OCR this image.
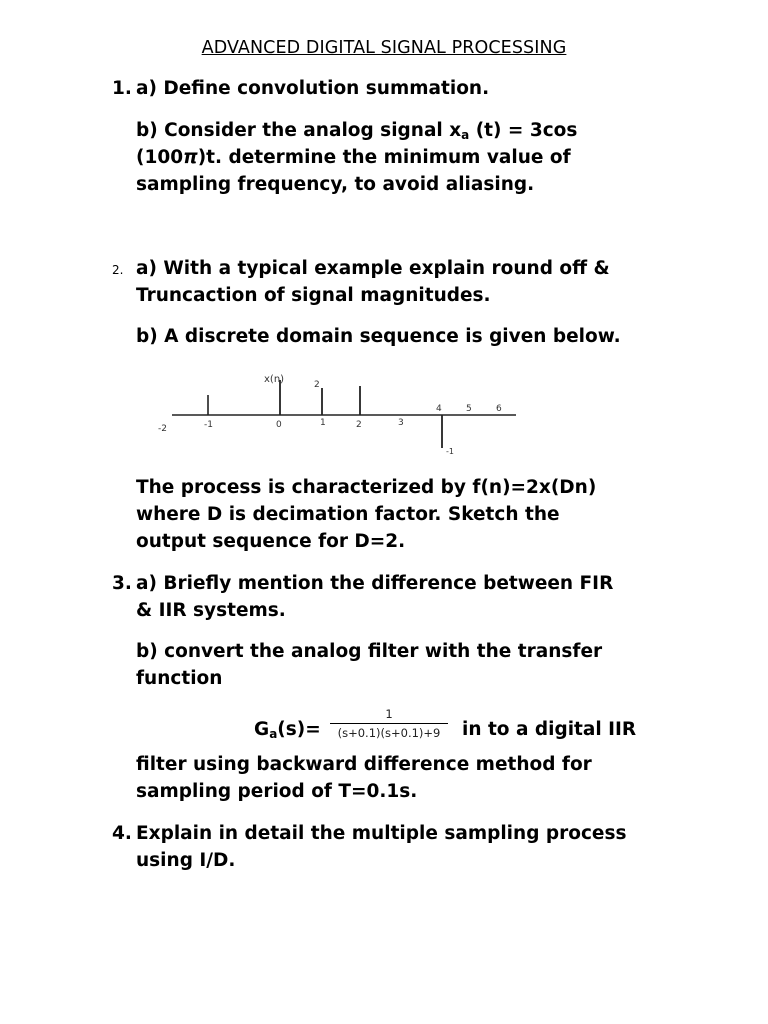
ADVANCED DIGITAL SIGNAL PROCESSING
1. a) Define convolution summation.
b) Consider the analog signal $x_a$ (t) = 3cos
(100π)t. determine the minimum value of
sampling frequency, to avoid aliasing.
2. a) With a typical example explain round off &
Truncaction of signal magnitudes.
b) A discrete domain sequence is given below.
x(n)	2
-2	-1	0	1	2	3
4	5	6
-1
The process is characterized by f(n)=2x(Dn)
where D is decimation factor. Sketch the
output sequence for D=2.
3. a) Briefly mention the difference between FIR
& IIR systems.
b) convert the analog filter with the transfer
function
$G_a(s)=$
1
(s+0.1)(s+0.1)+9	in to a digital IIR
filter using backward difference method for
sampling period of T=0.1s.
4. Explain in detail the multiple sampling process
using I/D.
